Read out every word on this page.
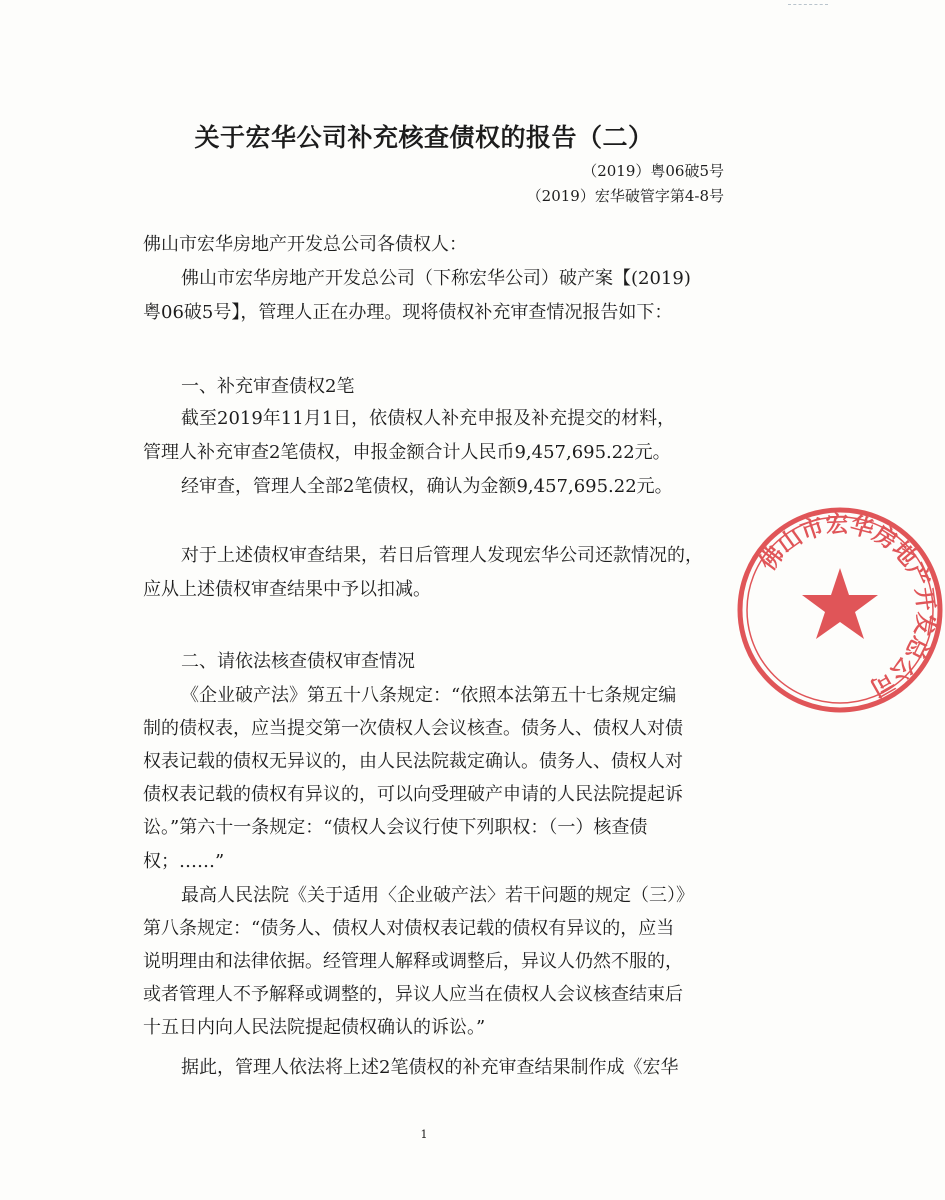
关于宏华公司补充核查债权的报告（二）
（2019）粤06破5号
（2019）宏华破管字第4-8号
佛山市宏华房地产开发总公司各债权人：
佛山市宏华房地产开发总公司（下称宏华公司）破产案【(2019)
粤06破5号】，管理人正在办理。现将债权补充审查情况报告如下：
一、补充审查债权2笔
截至2019年11月1日，依债权人补充申报及补充提交的材料，
管理人补充审查2笔债权，申报金额合计人民币9,457,695.22元。
经审查，管理人全部2笔债权，确认为金额9,457,695.22元。
对于上述债权审查结果，若日后管理人发现宏华公司还款情况的，
应从上述债权审查结果中予以扣减。
二、请依法核查债权审查情况
《企业破产法》第五十八条规定：“依照本法第五十七条规定编
制的债权表，应当提交第一次债权人会议核查。债务人、债权人对债
权表记载的债权无异议的，由人民法院裁定确认。债务人、债权人对
债权表记载的债权有异议的，可以向受理破产申请的人民法院提起诉
讼。”第六十一条规定：“债权人会议行使下列职权：（一）核查债
权；……”
最高人民法院《关于适用〈企业破产法〉若干问题的规定（三）》
第八条规定：“债务人、债权人对债权表记载的债权有异议的，应当
说明理由和法律依据。经管理人解释或调整后，异议人仍然不服的，
或者管理人不予解释或调整的，异议人应当在债权人会议核查结束后
十五日内向人民法院提起债权确认的诉讼。”
据此，管理人依法将上述2笔债权的补充审查结果制作成《宏华
1
佛山市宏华房地产开发总公司
